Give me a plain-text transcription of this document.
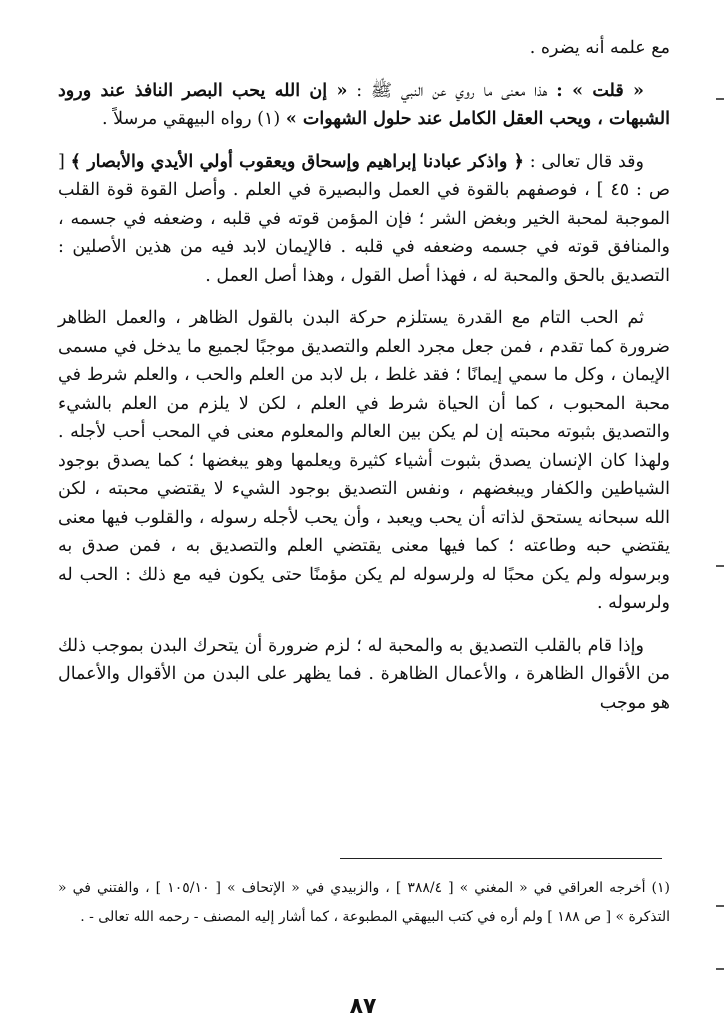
مع علمه أنه يضره .

« قلت » : هذا معنى ما روي عن النبي ﷺ : « إن الله يحب البصر النافذ عند ورود الشبهات ، ويحب العقل الكامل عند حلول الشهوات » (١) رواه البيهقي مرسلاً .

وقد قال تعالى : ﴿ واذكر عبادنا إبراهيم وإسحاق ويعقوب أولي الأيدي والأبصار ﴾ [ ص : ٤٥ ] ، فوصفهم بالقوة في العمل والبصيرة في العلم . وأصل القوة قوة القلب الموجبة لمحبة الخير وبغض الشر ؛ فإن المؤمن قوته في قلبه ، وضعفه في جسمه ، والمنافق قوته في جسمه وضعفه في قلبه . فالإيمان لابد فيه من هذين الأصلين : التصديق بالحق والمحبة له ، فهذا أصل القول ، وهذا أصل العمل .

ثم الحب التام مع القدرة يستلزم حركة البدن بالقول الظاهر ، والعمل الظاهر ضرورة كما تقدم ، فمن جعل مجرد العلم والتصديق موجبًا لجميع ما يدخل في مسمى الإيمان ، وكل ما سمي إيمانًا ؛ فقد غلط ، بل لابد من العلم والحب ، والعلم شرط في محبة المحبوب ، كما أن الحياة شرط في العلم ، لكن لا يلزم من العلم بالشيء والتصديق بثبوته محبته إن لم يكن بين العالم والمعلوم معنى في المحب أحب لأجله . ولهذا كان الإنسان يصدق بثبوت أشياء كثيرة ويعلمها وهو يبغضها ؛ كما يصدق بوجود الشياطين والكفار ويبغضهم ، ونفس التصديق بوجود الشيء لا يقتضي محبته ، لكن الله سبحانه يستحق لذاته أن يحب ويعبد ، وأن يحب لأجله رسوله ، والقلوب فيها معنى يقتضي حبه وطاعته ؛ كما فيها معنى يقتضي العلم والتصديق به ، فمن صدق به وبرسوله ولم يكن محبًا له ولرسوله لم يكن مؤمنًا حتى يكون فيه مع ذلك : الحب له ولرسوله .

وإذا قام بالقلب التصديق به والمحبة له ؛ لزم ضرورة أن يتحرك البدن بموجب ذلك من الأقوال الظاهرة ، والأعمال الظاهرة . فما يظهر على البدن من الأقوال والأعمال هو موجب

(١) أخرجه العراقي في « المغني » [ ٣٨٨/٤ ] ، والزبيدي في « الإتحاف » [ ١٠٥/١٠ ] ، والفتني في « التذكرة » [ ص ١٨٨ ] ولم أره في كتب البيهقي المطبوعة ، كما أشار إليه المصنف - رحمه الله تعالى - .

٨٧
